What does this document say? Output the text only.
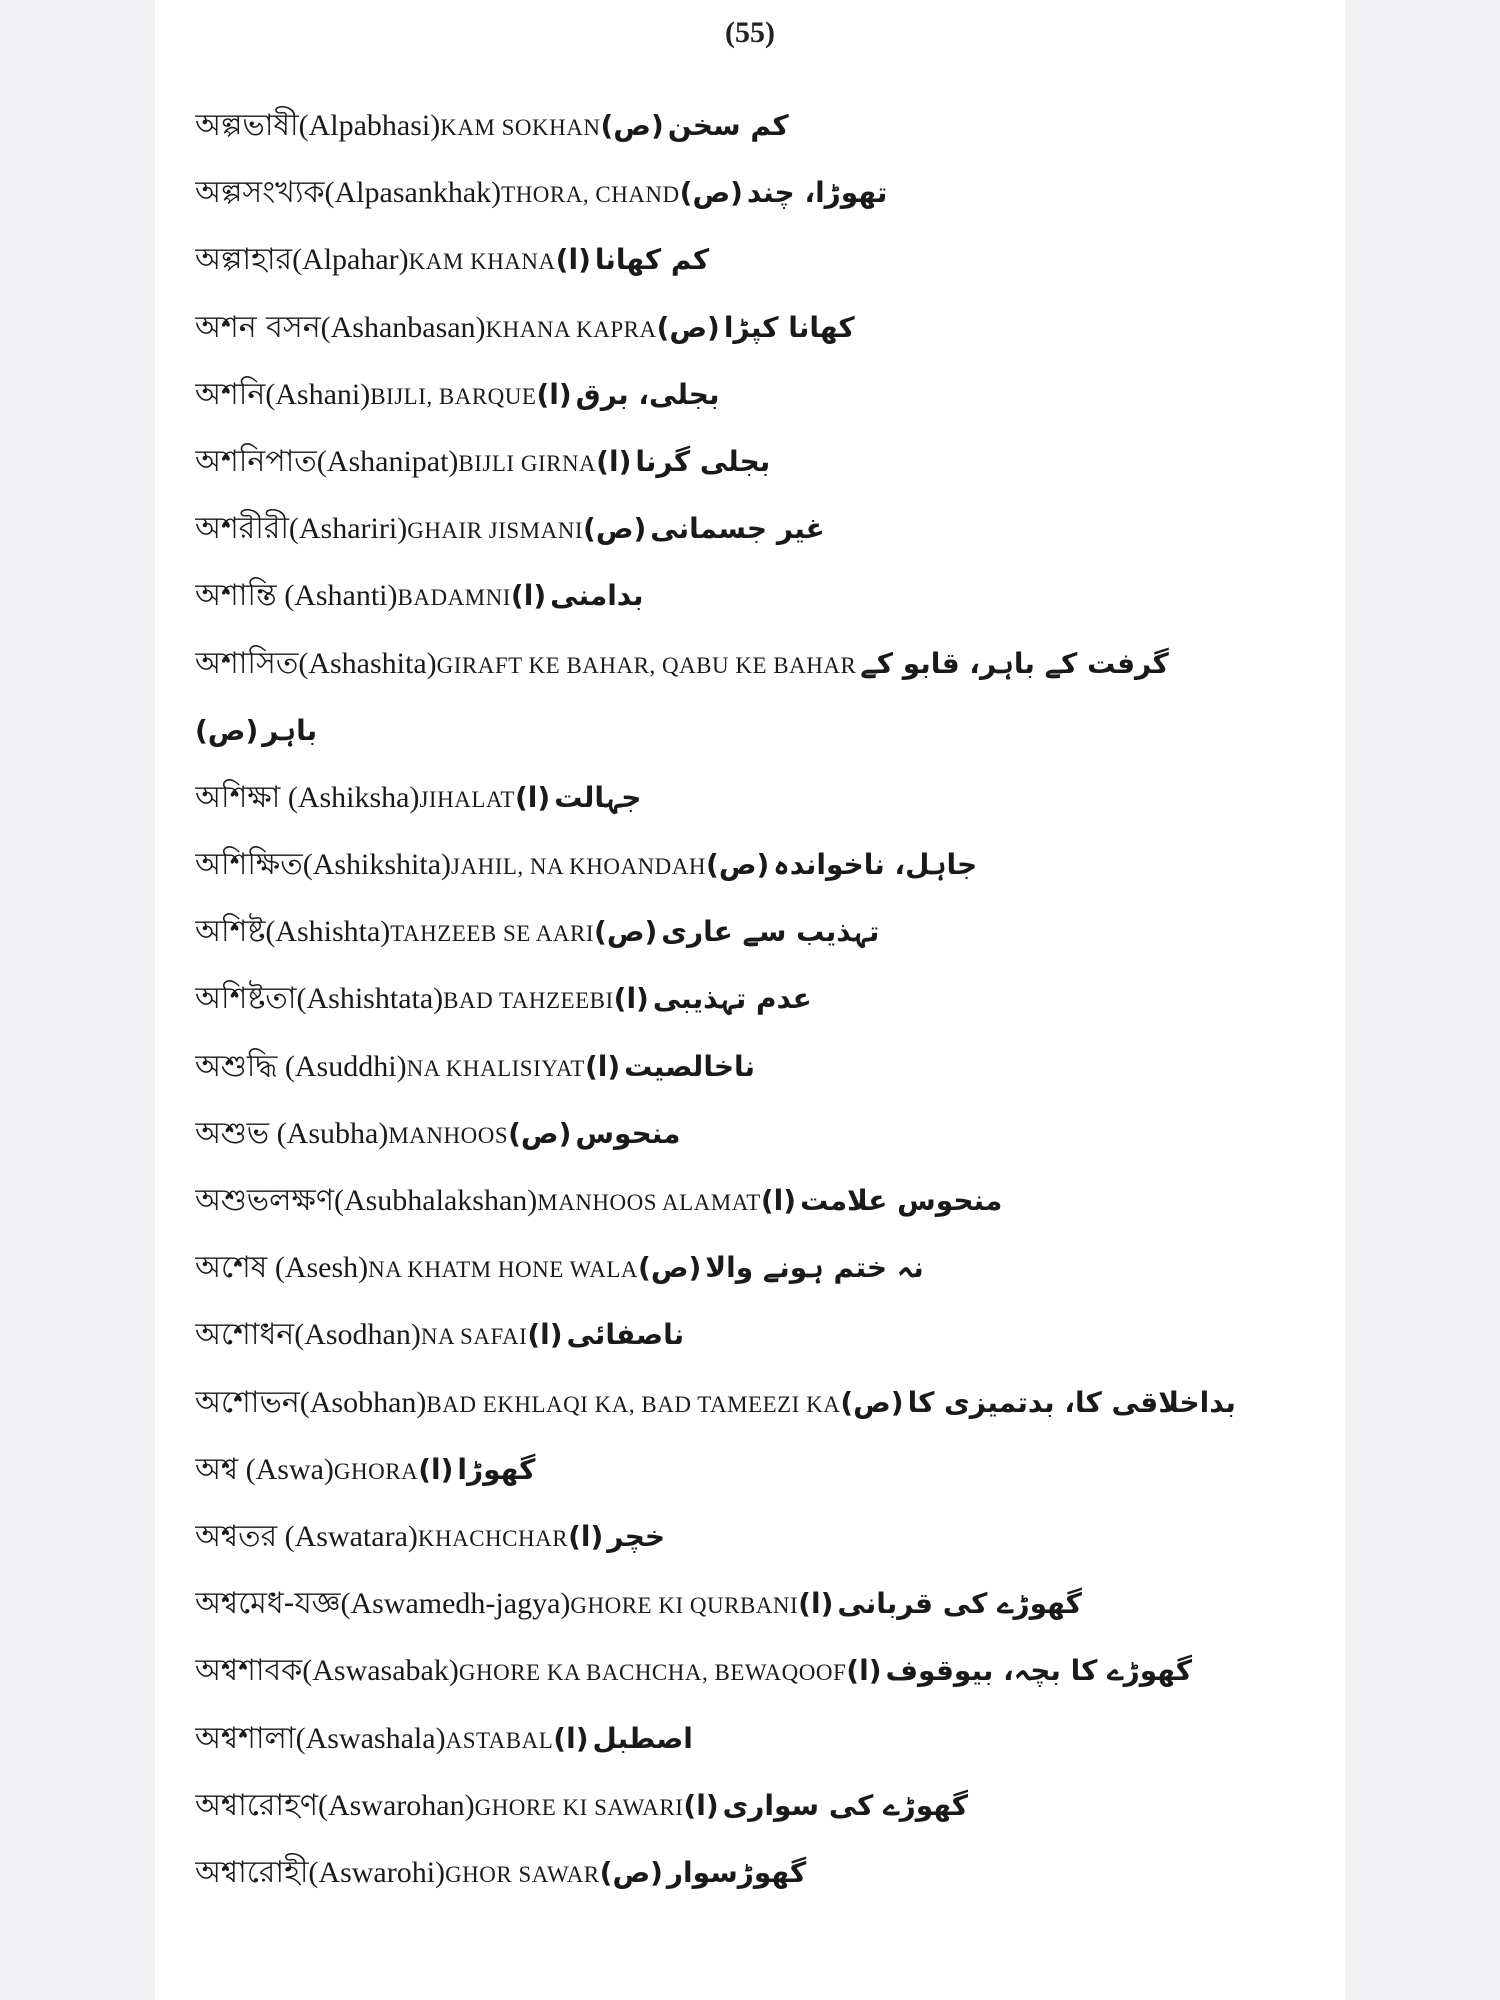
(55)
অল্পভাষী(Alpabhasi)KAM SOKHAN(ص) کم سخن
অল্পসংখ্যক(Alpasankhak)THORA, CHAND(ص) تھوڑا، چند
অল্পাহার(Alpahar)KAM KHANA(ا) کم کھانا
অশন বসন(Ashanbasan)KHANA KAPRA(ص) کھانا کپڑا
অশনি(Ashani)BIJLI, BARQUE(ا) بجلی، برق
অশনিপাত(Ashanipat)BIJLI GIRNA(ا) بجلی گرنا
অশরীরী(Ashariri)GHAIR JISMANI(ص) غیر جسمانی
অশান্তি (Ashanti)BADAMNI(ا) بدامنی
অশাসিত(Ashashita)GIRAFT KE BAHAR, QABU KE BAHAR گرفت کے باہر، قابو کے
(ص) باہر
অশিক্ষা (Ashiksha)JIHALAT(ا) جہالت
অশিক্ষিত(Ashikshita)JAHIL, NA KHOANDAH(ص) جاہل، ناخواندہ
অশিষ্ট(Ashishta)TAHZEEB SE AARI(ص) تہذیب سے عاری
অশিষ্টতা(Ashishtata)BAD TAHZEEBI(ا) عدم تہذیبی
অশুদ্ধি (Asuddhi)NA KHALISIYAT(ا) ناخالصیت
অশুভ (Asubha)MANHOOS(ص) منحوس
অশুভলক্ষণ(Asubhalakshan)MANHOOS ALAMAT(ا) منحوس علامت
অশেষ (Asesh)NA KHATM HONE WALA(ص) نہ ختم ہونے والا
অশোধন(Asodhan)NA SAFAI(ا) ناصفائی
অশোভন(Asobhan)BAD EKHLAQI KA, BAD TAMEEZI KA(ص) بداخلاقی کا، بدتمیزی کا
অশ্ব (Aswa)GHORA(ا) گھوڑا
অশ্বতর (Aswatara)KHACHCHAR(ا) خچر
অশ্বমেধ-যজ্ঞ(Aswamedh-jagya)GHORE KI QURBANI(ا) گھوڑے کی قربانی
অশ্বশাবক(Aswasabak)GHORE KA BACHCHA, BEWAQOOF(ا) گھوڑے کا بچہ، بیوقوف
অশ্বশালা(Aswashala)ASTABAL(ا) اصطبل
অশ্বারোহণ(Aswarohan)GHORE KI SAWARI(ا) گھوڑے کی سواری
অশ্বারোহী(Aswarohi)GHOR SAWAR(ص) گھوڑسوار
